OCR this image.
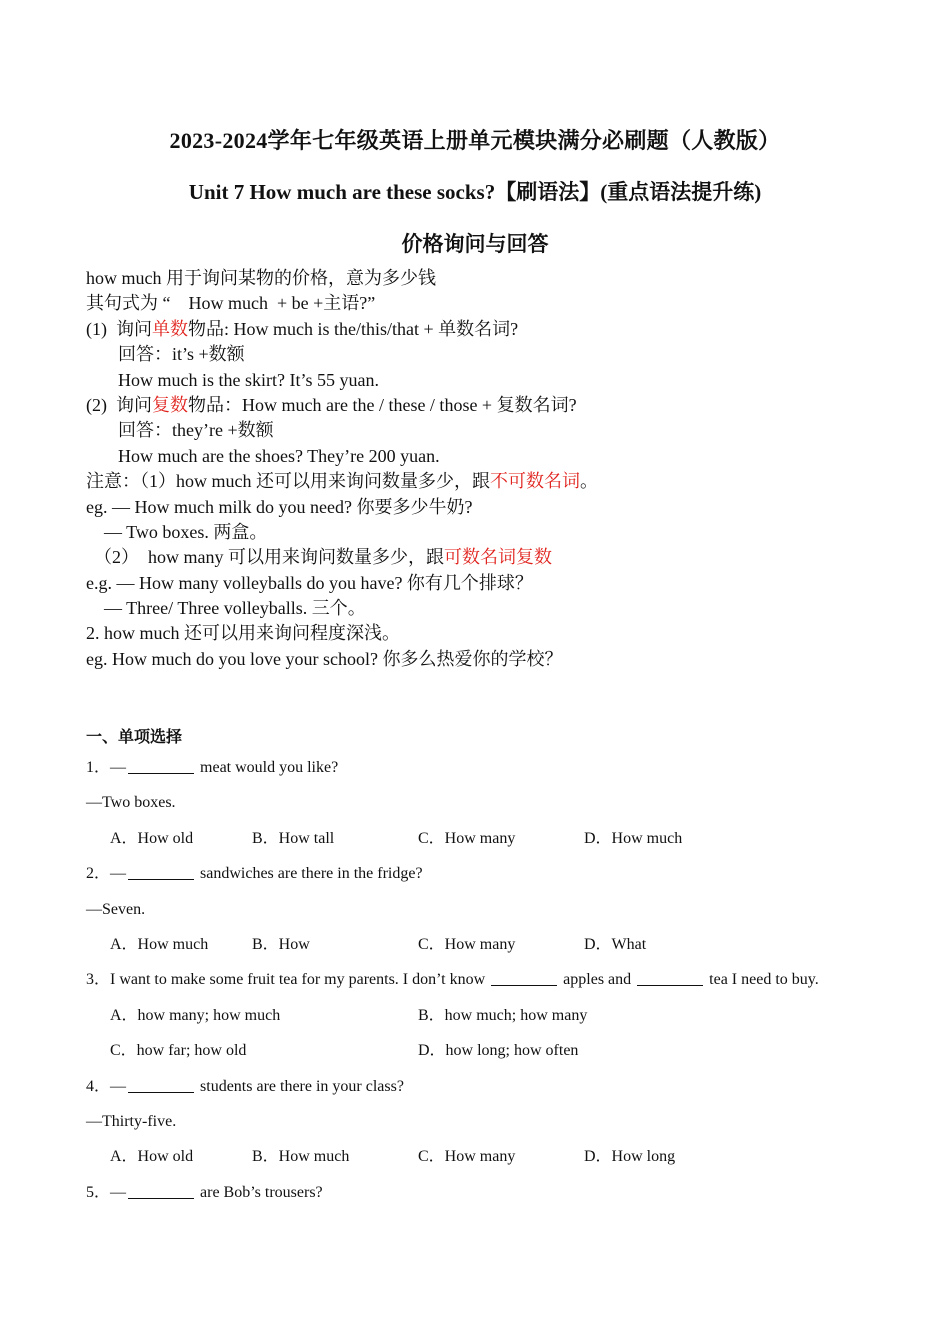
2023-2024学年七年级英语上册单元模块满分必刷题（人教版）
Unit 7 How much are these socks?【刷语法】(重点语法提升练)
价格询问与回答
how much 用于询问某物的价格，意为多少钱
其句式为 “    How much  + be +主语?”
(1)  询问单数物品: How much is the/this/that + 单数名词?
回答：it’s +数额
How much is the skirt? It’s 55 yuan.
(2)  询问复数物品：How much are the / these / those + 复数名词?
回答：they’re +数额
How much are the shoes? They’re 200 yuan.
注意：（1）how much 还可以用来询问数量多少，跟不可数名词。
eg. — How much milk do you need? 你要多少牛奶?
— Two boxes. 两盒。
（2）  how many 可以用来询问数量多少，跟可数名词复数
e.g. — How many volleyballs do you have? 你有几个排球？
— Three/ Three volleyballs. 三个。
2. how much 还可以用来询问程度深浅。
eg. How much do you love your school? 你多么热爱你的学校？
一、单项选择
1．—	meat would you like?
—Two boxes.
A．How old	B．How tall	C．How many	D．How much
2．—	sandwiches are there in the fridge?
—Seven.
A．How much	B．How	C．How many	D．What
3．I want to make some fruit tea for my parents. I don’t know	apples and	tea I need to buy.
A．how many; how much	B．how much; how many
C．how far; how old	D．how long; how often
4．—	students are there in your class?
—Thirty-five.
A．How old	B．How much	C．How many	D．How long
5．—	are Bob’s trousers?
